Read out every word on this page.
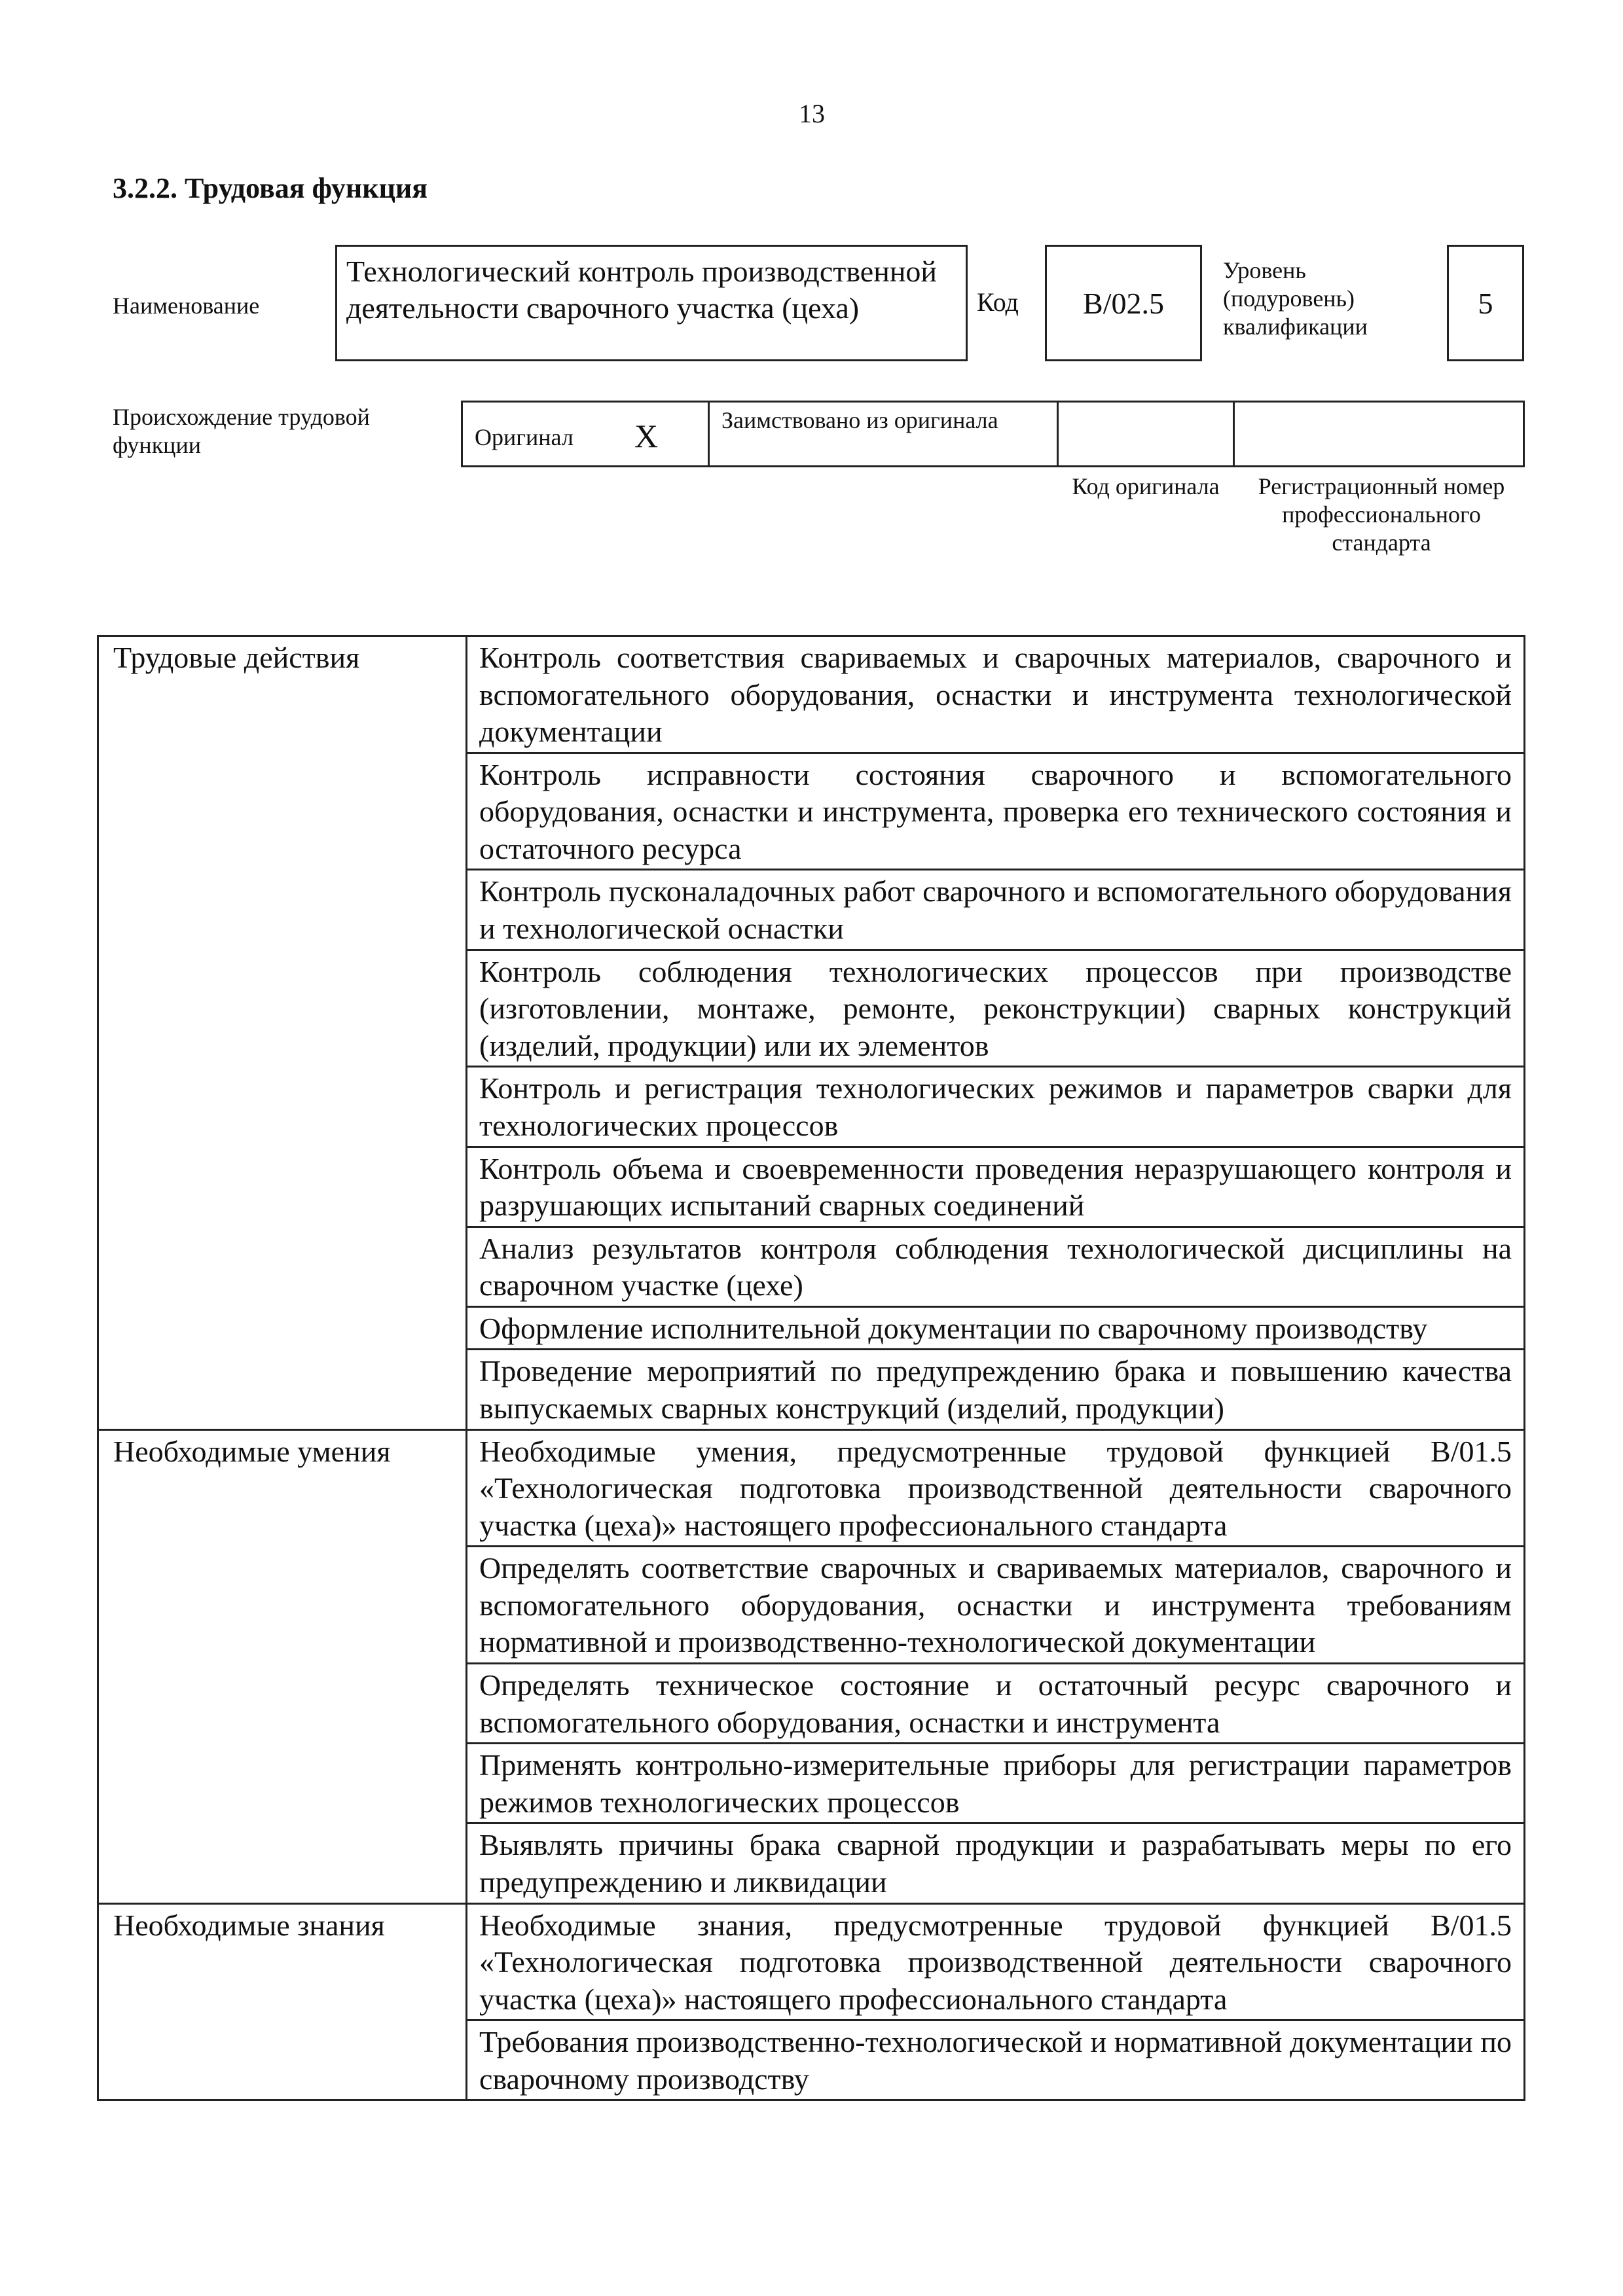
13
3.2.2. Трудовая функция
Наименование
Технологический контроль производственной деятельности сварочного участка (цеха)	Код B/02.5
Уровень (подуровень) квалификации
5
Происхождение трудовой функции	Оригинал X	Заимствовано из оригинала
Код оригинала	Регистрационный номер профессионального стандарта
Трудовые действия	Контроль соответствия свариваемых и сварочных материалов, сварочного и вспомогательного оборудования, оснастки и инструмента технологической документации
	Контроль исправности состояния сварочного и вспомогательного оборудования, оснастки и инструмента, проверка его технического состояния и остаточного ресурса
	Контроль пусконаладочных работ сварочного и вспомогательного оборудования и технологической оснастки
	Контроль соблюдения технологических процессов при производстве (изготовлении, монтаже, ремонте, реконструкции) сварных конструкций (изделий, продукции) или их элементов
	Контроль и регистрация технологических режимов и параметров сварки для технологических процессов
	Контроль объема и своевременности проведения неразрушающего контроля и разрушающих испытаний сварных соединений
	Анализ результатов контроля соблюдения технологической дисциплины на сварочном участке (цехе)
	Оформление исполнительной документации по сварочному производству
	Проведение мероприятий по предупреждению брака и повышению качества выпускаемых сварных конструкций (изделий, продукции)
Необходимые умения	Необходимые умения, предусмотренные трудовой функцией B/01.5 «Технологическая подготовка производственной деятельности сварочного участка (цеха)» настоящего профессионального стандарта
	Определять соответствие сварочных и свариваемых материалов, сварочного и вспомогательного оборудования, оснастки и инструмента требованиям нормативной и производственно-технологической документации
	Определять техническое состояние и остаточный ресурс сварочного и вспомогательного оборудования, оснастки и инструмента
	Применять контрольно-измерительные приборы для регистрации параметров режимов технологических процессов
	Выявлять причины брака сварной продукции и разрабатывать меры по его предупреждению и ликвидации
Необходимые знания	Необходимые знания, предусмотренные трудовой функцией B/01.5 «Технологическая подготовка производственной деятельности сварочного участка (цеха)» настоящего профессионального стандарта
	Требования производственно-технологической и нормативной документации по сварочному производству
